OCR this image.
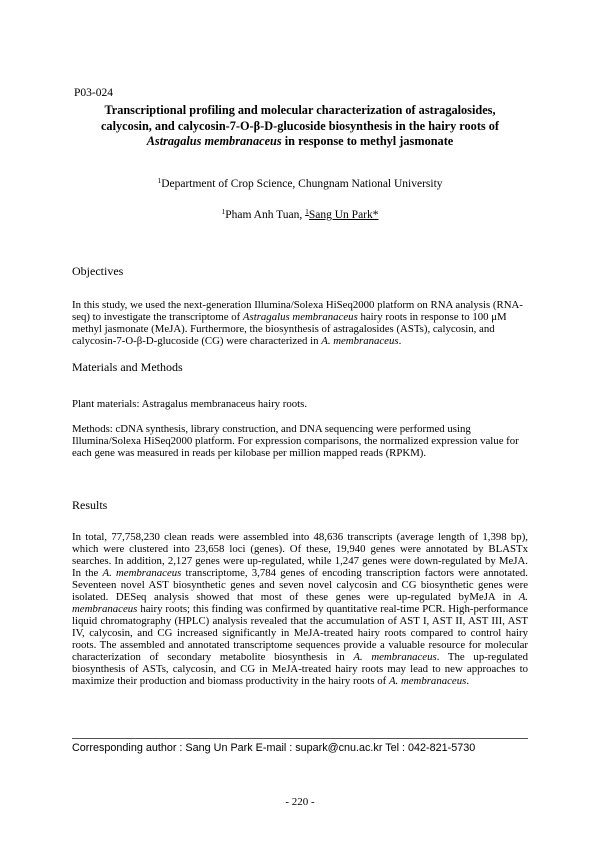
P03-024
Transcriptional profiling and molecular characterization of astragalosides,
calycosin, and calycosin-7-O-β-D-glucoside biosynthesis in the hairy roots of
Astragalus membranaceus in response to methyl jasmonate
$^1$Department of Crop Science, Chungnam National University
$^1$Pham Anh Tuan, $^1$Sang Un Park*
Objectives
In this study, we used the next-generation Illumina/Solexa HiSeq2000 platform on RNA analysis (RNA-seq) to investigate the transcriptome of Astragalus membranaceus hairy roots in response to 100 μM methyl jasmonate (MeJA). Furthermore, the biosynthesis of astragalosides (ASTs), calycosin, and calycosin-7-O-β-D-glucoside (CG) were characterized in A. membranaceus.
Materials and Methods
Plant materials: Astragalus membranaceus hairy roots.
Methods: cDNA synthesis, library construction, and DNA sequencing were performed using Illumina/Solexa HiSeq2000 platform. For expression comparisons, the normalized expression value for each gene was measured in reads per kilobase per million mapped reads (RPKM).
Results
In total, 77,758,230 clean reads were assembled into 48,636 transcripts (average length of 1,398 bp), which were clustered into 23,658 loci (genes). Of these, 19,940 genes were annotated by BLASTx searches. In addition, 2,127 genes were up-regulated, while 1,247 genes were down-regulated by MeJA. In the A. membranaceus transcriptome, 3,784 genes of encoding transcription factors were annotated. Seventeen novel AST biosynthetic genes and seven novel calycosin and CG biosynthetic genes were isolated. DESeq analysis showed that most of these genes were up-regulated byMeJA in A. membranaceus hairy roots; this finding was confirmed by quantitative real-time PCR. High-performance liquid chromatography (HPLC) analysis revealed that the accumulation of AST I, AST II, AST III, AST IV, calycosin, and CG increased significantly in MeJA-treated hairy roots compared to control hairy roots. The assembled and annotated transcriptome sequences provide a valuable resource for molecular characterization of secondary metabolite biosynthesis in A. membranaceus. The up-regulated biosynthesis of ASTs, calycosin, and CG in MeJA-treated hairy roots may lead to new approaches to maximize their production and biomass productivity in the hairy roots of A. membranaceus.
Corresponding author : Sang Un Park E-mail : supark@cnu.ac.kr Tel : 042-821-5730
- 220 -
